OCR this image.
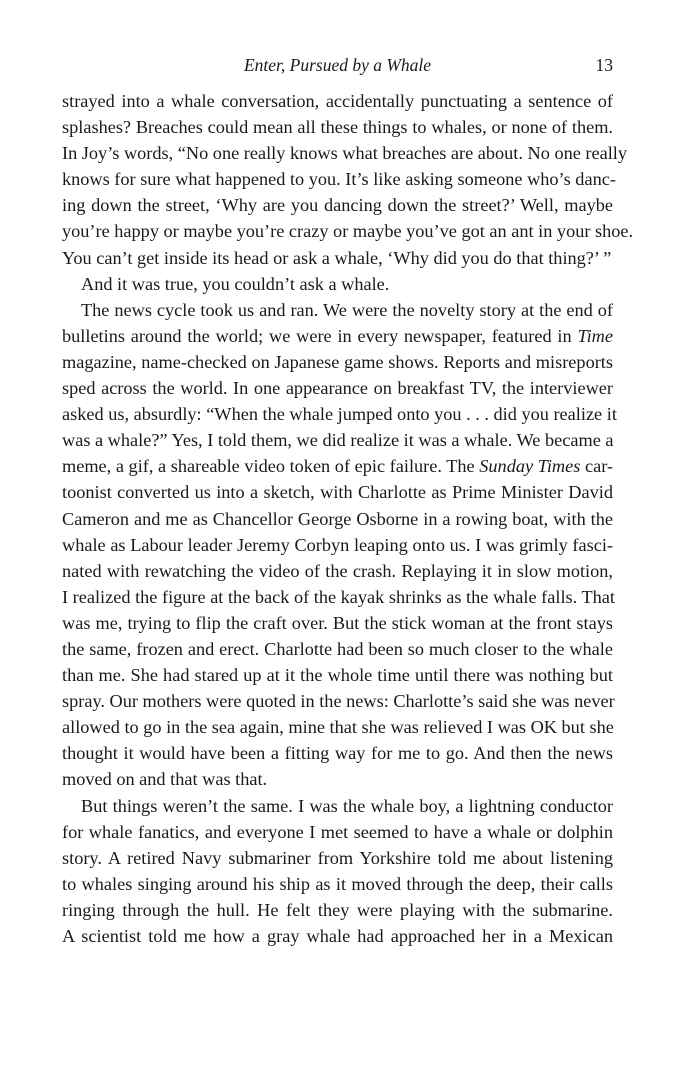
Enter, Pursued by a Whale	13
strayed into a whale conversation, accidentally punctuating a sentence of
splashes? Breaches could mean all these things to whales, or none of them.
In Joy’s words, “No one really knows what breaches are about. No one really
knows for sure what happened to you. It’s like asking someone who’s danc-
ing down the street, ‘Why are you dancing down the street?’ Well, maybe
you’re happy or maybe you’re crazy or maybe you’ve got an ant in your shoe.
You can’t get inside its head or ask a whale, ‘Why did you do that thing?’ ”
And it was true, you couldn’t ask a whale.
The news cycle took us and ran. We were the novelty story at the end of
bulletins around the world; we were in every newspaper, featured in Time
magazine, name-checked on Japanese game shows. Reports and misreports
sped across the world. In one appearance on breakfast TV, the interviewer
asked us, absurdly: “When the whale jumped onto you . . . did you realize it
was a whale?” Yes, I told them, we did realize it was a whale. We became a
meme, a gif, a shareable video token of epic failure. The Sunday Times car-
toonist converted us into a sketch, with Charlotte as Prime Minister David
Cameron and me as Chancellor George Osborne in a rowing boat, with the
whale as Labour leader Jeremy Corbyn leaping onto us. I was grimly fasci-
nated with rewatching the video of the crash. Replaying it in slow motion,
I realized the figure at the back of the kayak shrinks as the whale falls. That
was me, trying to flip the craft over. But the stick woman at the front stays
the same, frozen and erect. Charlotte had been so much closer to the whale
than me. She had stared up at it the whole time until there was nothing but
spray. Our mothers were quoted in the news: Charlotte’s said she was never
allowed to go in the sea again, mine that she was relieved I was OK but she
thought it would have been a fitting way for me to go. And then the news
moved on and that was that.
But things weren’t the same. I was the whale boy, a lightning conductor
for whale fanatics, and everyone I met seemed to have a whale or dolphin
story. A retired Navy submariner from Yorkshire told me about listening
to whales singing around his ship as it moved through the deep, their calls
ringing through the hull. He felt they were playing with the submarine.
A scientist told me how a gray whale had approached her in a Mexican
